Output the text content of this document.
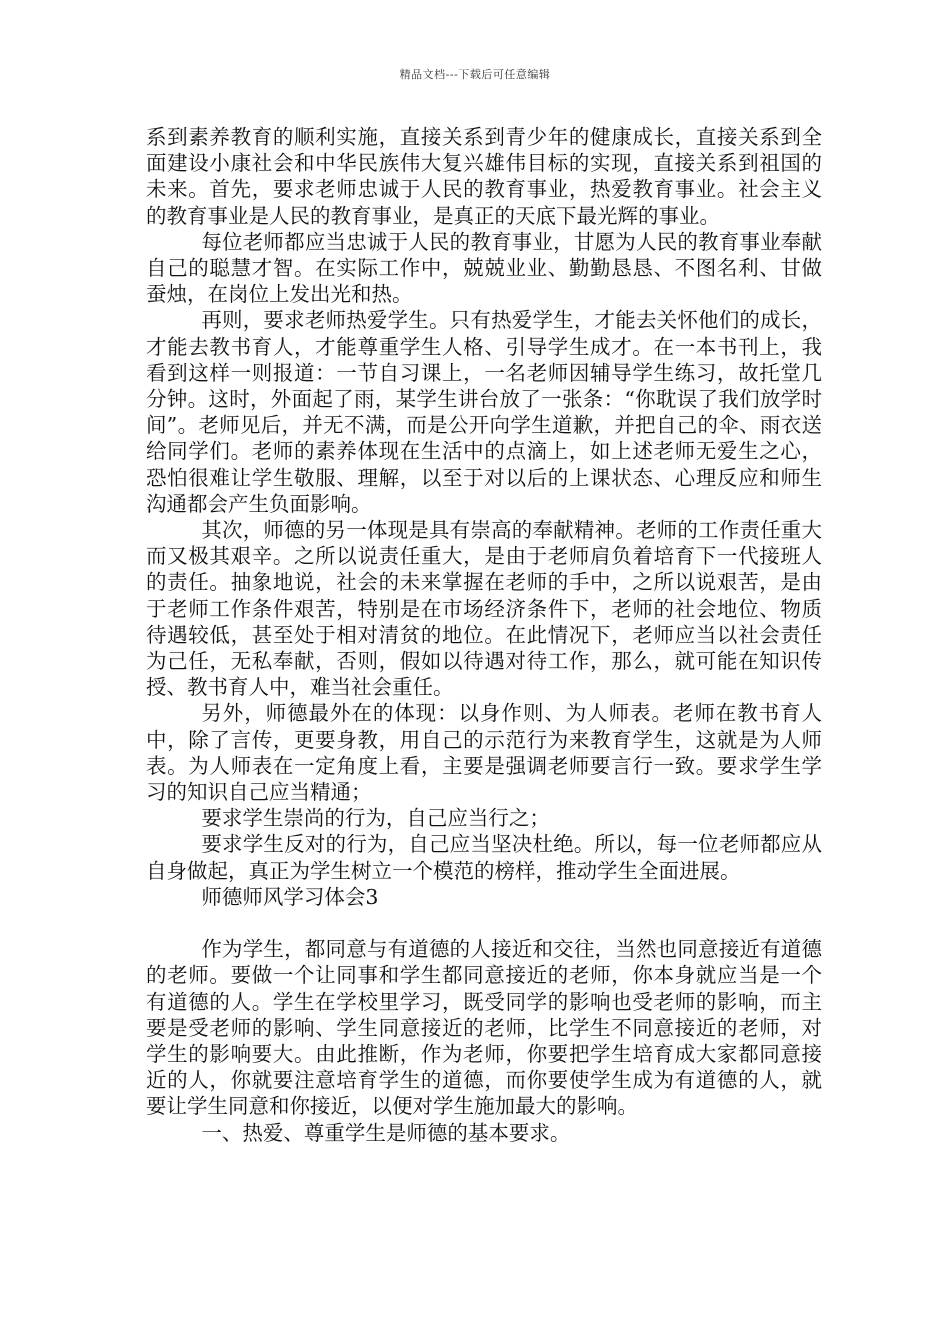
精品文档---下载后可任意编辑

系到素养教育的顺利实施，直接关系到青少年的健康成长，直接关系到全面建设小康社会和中华民族伟大复兴雄伟目标的实现，直接关系到祖国的未来。首先，要求老师忠诚于人民的教育事业，热爱教育事业。社会主义的教育事业是人民的教育事业，是真正的天底下最光辉的事业。

每位老师都应当忠诚于人民的教育事业，甘愿为人民的教育事业奉献自己的聪慧才智。在实际工作中，兢兢业业、勤勤恳恳、不图名利、甘做蚕烛，在岗位上发出光和热。

再则，要求老师热爱学生。只有热爱学生，才能去关怀他们的成长，才能去教书育人，才能尊重学生人格、引导学生成才。在一本书刊上，我看到这样一则报道：一节自习课上，一名老师因辅导学生练习，故托堂几分钟。这时，外面起了雨，某学生讲台放了一张条：“你耽误了我们放学时间”。老师见后，并无不满，而是公开向学生道歉，并把自己的伞、雨衣送给同学们。老师的素养体现在生活中的点滴上，如上述老师无爱生之心，恐怕很难让学生敬服、理解，以至于对以后的上课状态、心理反应和师生沟通都会产生负面影响。

其次，师德的另一体现是具有崇高的奉献精神。老师的工作责任重大而又极其艰辛。之所以说责任重大，是由于老师肩负着培育下一代接班人的责任。抽象地说，社会的未来掌握在老师的手中，之所以说艰苦，是由于老师工作条件艰苦，特别是在市场经济条件下，老师的社会地位、物质待遇较低，甚至处于相对清贫的地位。在此情况下，老师应当以社会责任为己任，无私奉献，否则，假如以待遇对待工作，那么，就可能在知识传授、教书育人中，难当社会重任。

另外，师德最外在的体现：以身作则、为人师表。老师在教书育人中，除了言传，更要身教，用自己的示范行为来教育学生，这就是为人师表。为人师表在一定角度上看，主要是强调老师要言行一致。要求学生学习的知识自己应当精通；

要求学生崇尚的行为，自己应当行之；

要求学生反对的行为，自己应当坚决杜绝。所以，每一位老师都应从自身做起，真正为学生树立一个模范的榜样，推动学生全面进展。

师德师风学习体会3

作为学生，都同意与有道德的人接近和交往，当然也同意接近有道德的老师。要做一个让同事和学生都同意接近的老师，你本身就应当是一个有道德的人。学生在学校里学习，既受同学的影响也受老师的影响，而主要是受老师的影响、学生同意接近的老师，比学生不同意接近的老师，对学生的影响要大。由此推断，作为老师，你要把学生培育成大家都同意接近的人，你就要注意培育学生的道德，而你要使学生成为有道德的人，就要让学生同意和你接近，以便对学生施加最大的影响。

一、热爱、尊重学生是师德的基本要求。
